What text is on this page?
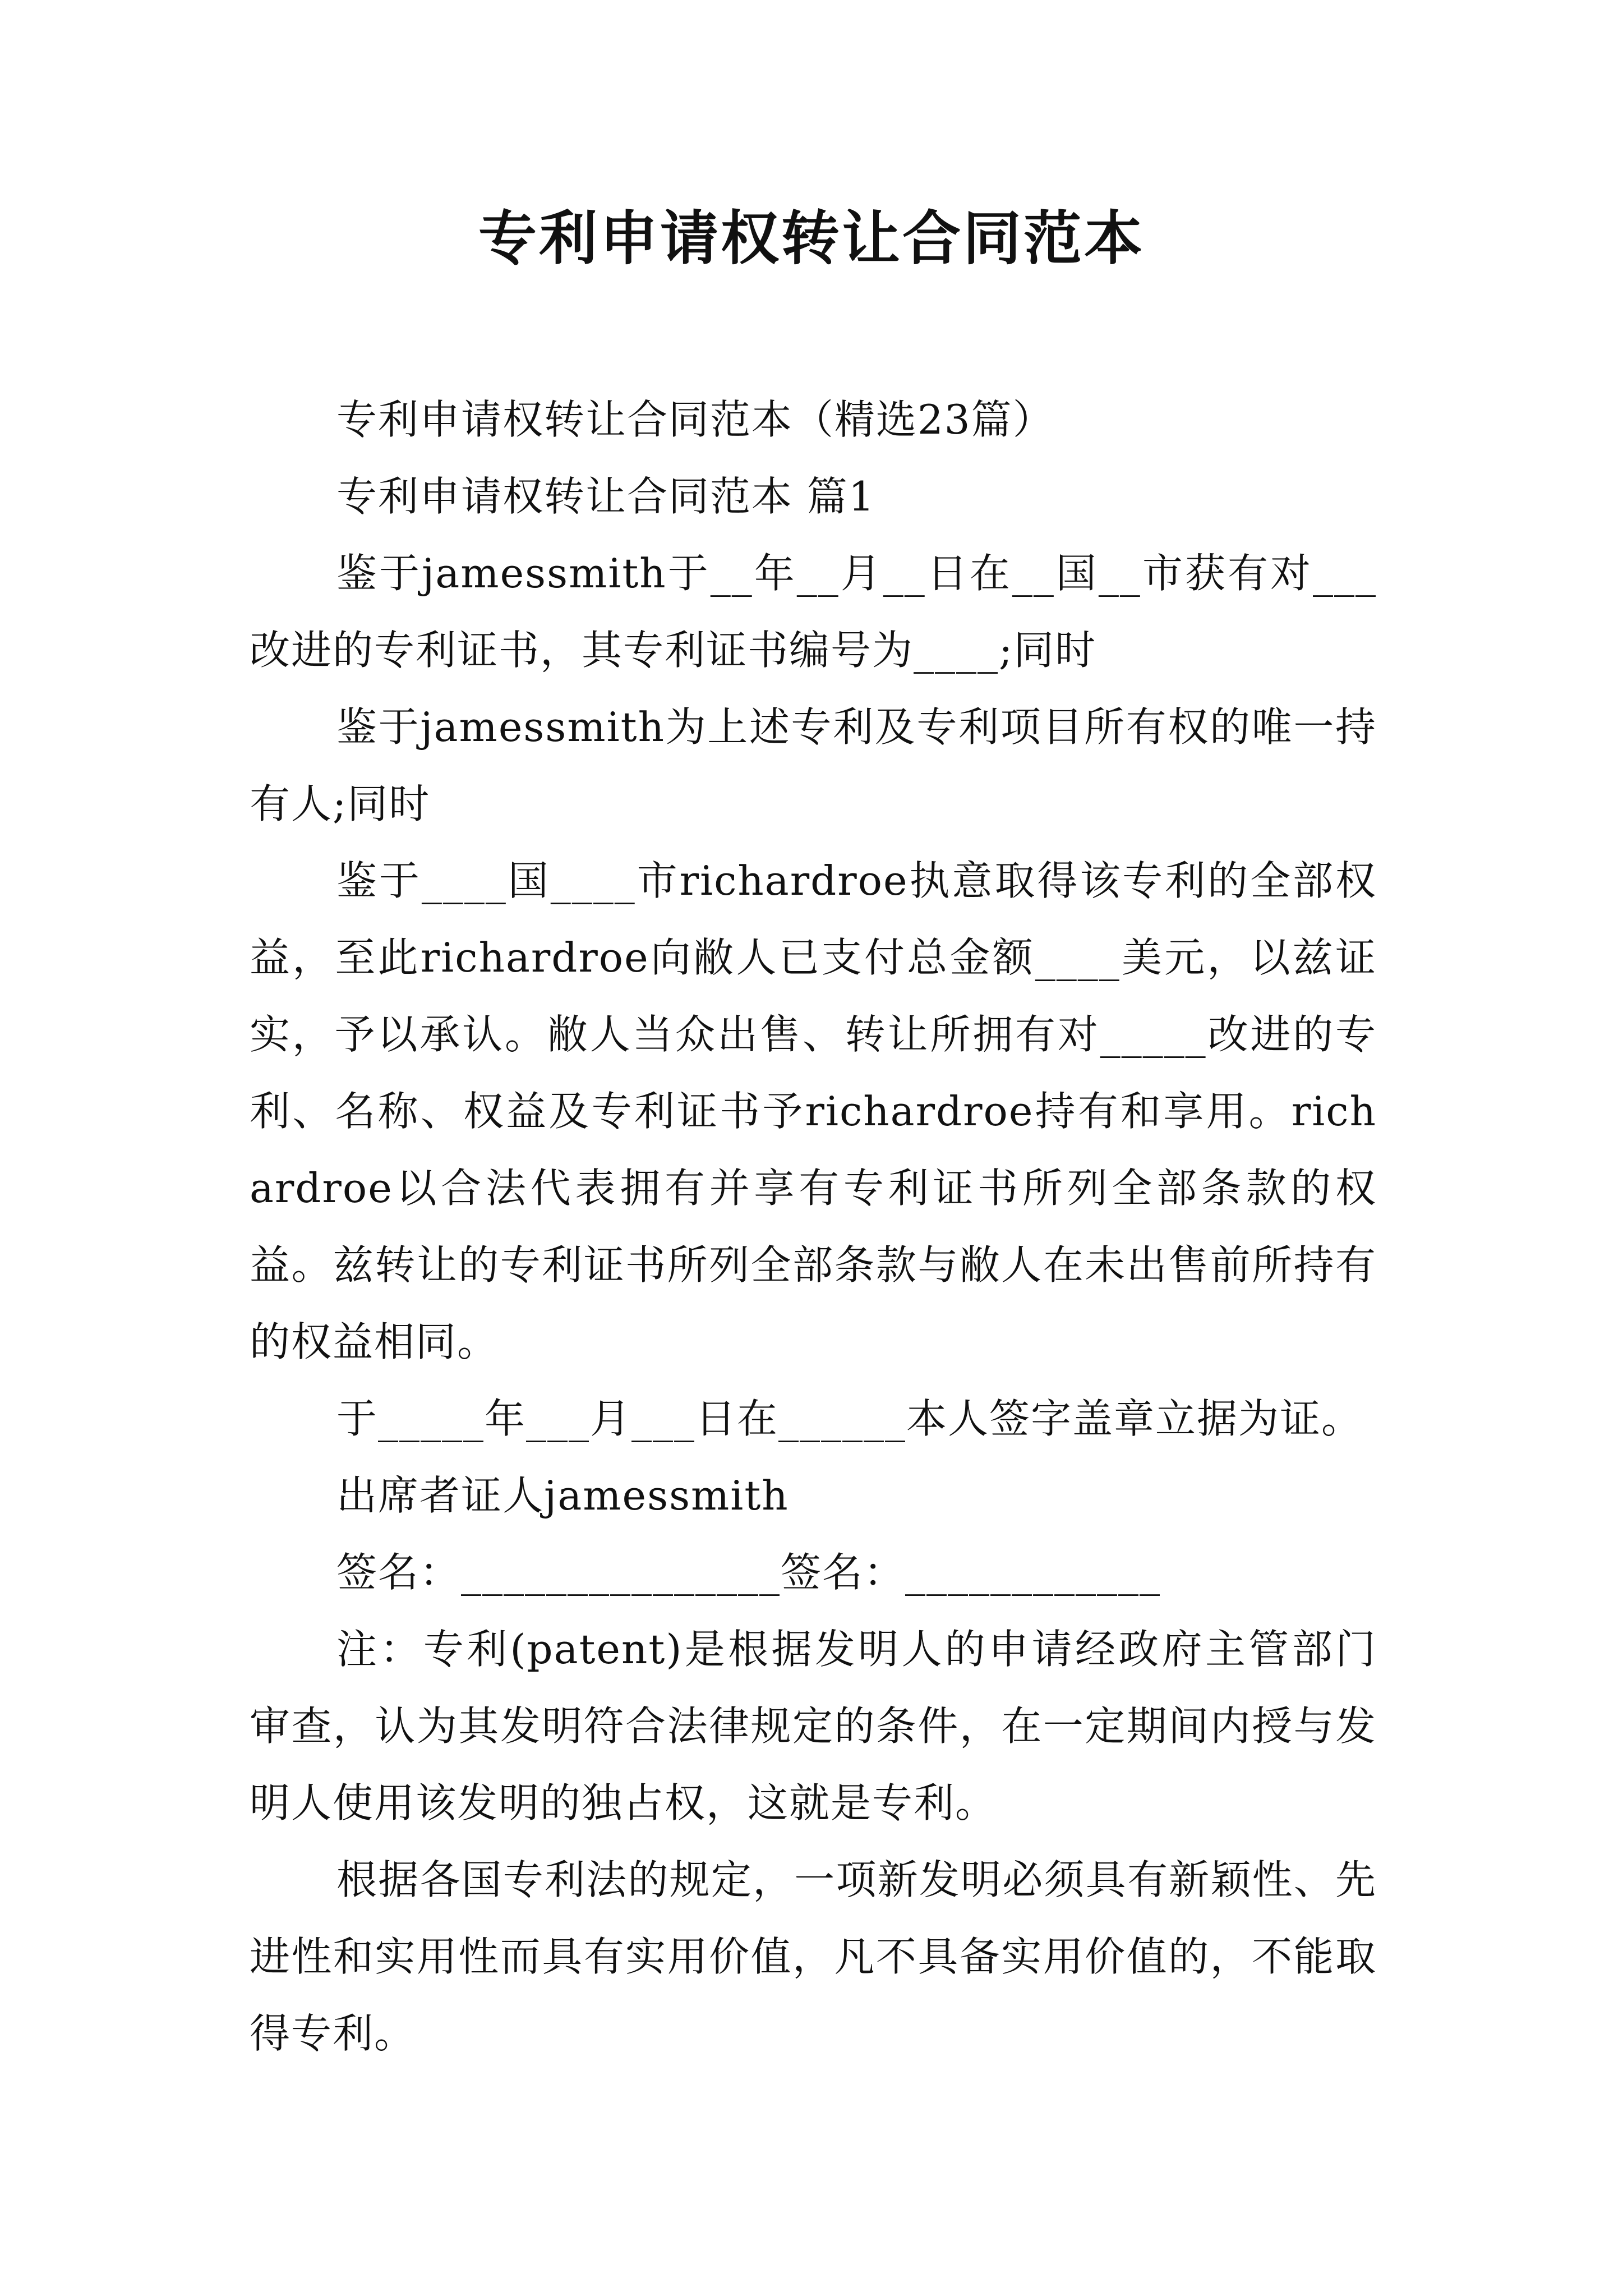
专利申请权转让合同范本

专利申请权转让合同范本（精选23篇）

专利申请权转让合同范本 篇1

鉴于jamessmith于__年__月__日在__国__市获有对___改进的专利证书，其专利证书编号为____;同时

鉴于jamessmith为上述专利及专利项目所有权的唯一持有人;同时

鉴于____国____市richardroe执意取得该专利的全部权益，至此richardroe向敝人已支付总金额____美元，以兹证实，予以承认。敝人当众出售、转让所拥有对_____改进的专利、名称、权益及专利证书予richardroe持有和享用。richardroe以合法代表拥有并享有专利证书所列全部条款的权益。兹转让的专利证书所列全部条款与敝人在未出售前所持有的权益相同。

于_____年___月___日在______本人签字盖章立据为证。

出席者证人jamessmith

签名：_______________签名：____________

注：专利(patent)是根据发明人的申请经政府主管部门审查，认为其发明符合法律规定的条件，在一定期间内授与发明人使用该发明的独占权，这就是专利。

根据各国专利法的规定，一项新发明必须具有新颖性、先进性和实用性而具有实用价值，凡不具备实用价值的，不能取得专利。
